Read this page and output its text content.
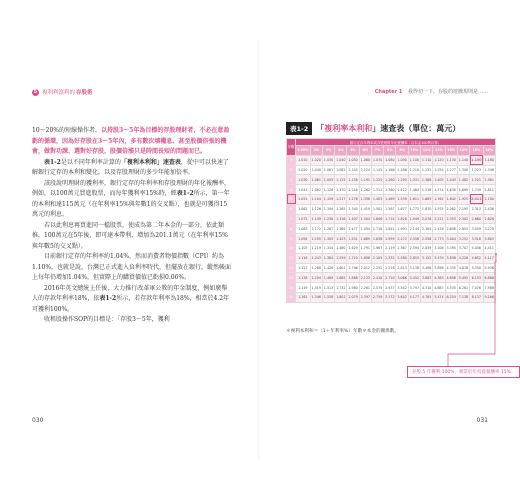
5 複利利滾利的 存股術

10～20%的短線操作者，以持股3～5年為目標的存股理財者，不必在意盈虧的循環，因為好存股在3～5年內，多有數次填權息、甚至股價倍張的機會，做對功課、選對好存股，股價倍漲只是時間長短的問題而已。

表1-2是以不同年利率計算的「複利本利和」速查表，從中可以快速了解銀行定存的本利和變化，以及存股理財的多少年能加倍率。

該段說明理財的獲利率，銀行定存的年利率和存股理財的年化報酬率，例如，以100萬元買進股票，而每年獲利率15%時，經表1-2所示，第一年的本利和達115萬元（在年利率15%與年數1的交叉點），也就是可獲得15萬元的利息。

若以此利息再買進同一檔股票，使成為第二年本金的一部分，依此類推，100萬元在5年後，即可達本帶利，增加為201.1萬元（在年利率15%與年數5的交叉點）。

目前銀行定存的年利率約1.04%，然而消費者物價指數（CPI）約為1.10%，也就是說，台灣已正式進入負利率時代，但擺放在銀行，縱然帳面上每年仍增加1.04%，但實際上的購買價值已虧損0.06%。

2016年英文總統上任後，大力推行改革軍公教的年金制度，例如廣舉人的存款年利率18%，依表1-2所示，若存款年利率為18%，相當於4.2年可獲利100%。

收租股操作SOP的目標是：「存股3～5年，獲利

030
Chapter 1 我得切一下，存股的遊戲規則是……
表1-2	「複利率本利和」速查表（單位：萬元）
年數	銀行定存年利率或存股理財年化報酬率（以本金100萬計算）															
	1.00%	2%	3%	4%	5%	6%	7%	8%	9%	10%	11%	12%	13%	14%	15%	16%
1	1.010	1.020	1.030	1.040	1.050	1.060	1.070	1.080	1.090	1.100	1.110	1.120	1.130	1.140	1.150	1.160
2	1.020	1.040	1.061	1.082	1.103	1.124	1.145	1.166	1.188	1.210	1.232	1.254	1.277	1.300	1.323	1.346
3	1.030	1.061	1.093	1.125	1.158	1.191	1.225	1.260	1.295	1.331	1.368	1.405	1.443	1.482	1.521	1.561
4	1.041	1.082	1.126	1.170	1.216	1.262	1.311	1.360	1.412	1.464	1.518	1.574	1.630	1.689	1.749	1.811
5	1.051	1.104	1.159	1.217	1.276	1.338	1.403	1.469	1.539	1.611	1.685	1.762	1.842	1.925	2.011	2.100
6	1.062	1.126	1.194	1.265	1.340	1.419	1.501	1.587	1.677	1.772	1.870	1.974	2.082	2.195	2.313	2.436
7	1.072	1.149	1.230	1.316	1.407	1.504	1.606	1.714	1.828	1.949	2.076	2.211	2.353	2.502	2.660	2.826
8	1.083	1.172	1.267	1.369	1.477	1.594	1.718	1.851	1.993	2.144	2.305	2.476	2.658	2.853	3.059	3.278
9	1.094	1.195	1.305	1.423	1.551	1.689	1.838	1.999	2.172	2.358	2.558	2.773	3.004	3.252	3.518	3.803
10	1.105	1.219	1.344	1.480	1.629	1.791	1.967	2.159	2.367	2.594	2.839	3.106	3.395	3.707	4.046	4.411
11	1.116	1.243	1.384	1.539	1.710	1.898	2.105	2.332	2.580	2.853	3.152	3.479	3.836	4.226	4.652	5.117
12	1.127	1.268	1.426	1.601	1.796	2.012	2.252	2.518	2.813	3.138	3.498	3.896	4.335	4.818	5.350	5.936
13	1.138	1.294	1.469	1.665	1.886	2.133	2.410	2.720	3.066	3.452	3.883	4.363	4.898	5.492	6.153	6.886
14	1.149	1.319	1.513	1.732	1.980	2.261	2.579	2.937	3.342	3.797	4.310	4.887	5.535	6.261	7.076	7.988
15	1.161	1.346	1.558	1.801	2.079	2.397	2.759	3.172	3.642	4.177	4.785	5.474	6.254	7.138	8.137	9.266
＊複利本利和＝（1＋年利率%）年數＊本金的關係數。
存股 5 年獲利 100%，相當於年投資報酬率 15%。
031
